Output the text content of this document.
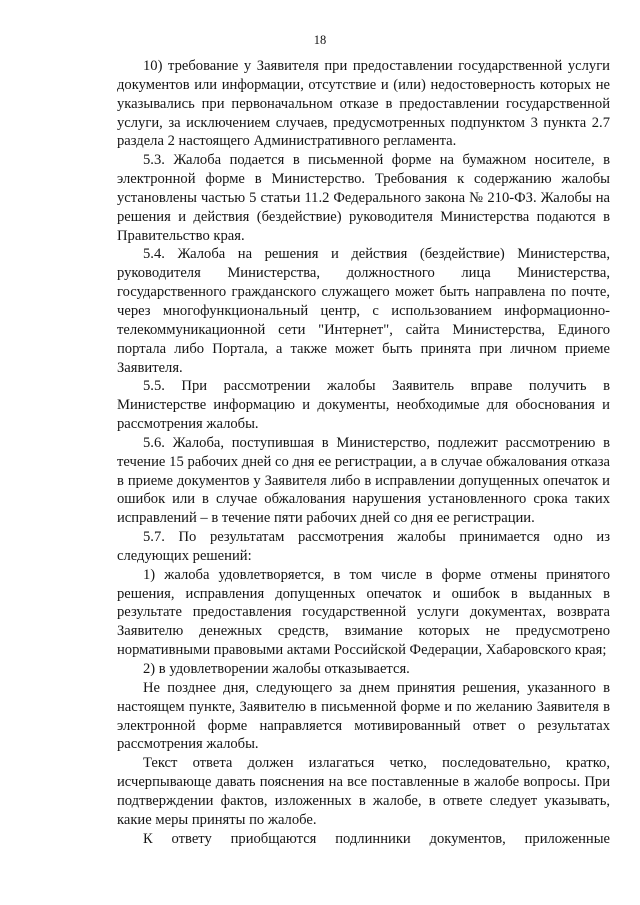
18

10) требование у Заявителя при предоставлении государственной услуги документов или информации, отсутствие и (или) недостоверность которых не указывались при первоначальном отказе в предоставлении государственной услуги, за исключением случаев, предусмотренных подпунктом 3 пункта 2.7 раздела 2 настоящего Административного регламента.

5.3. Жалоба подается в письменной форме на бумажном носителе, в электронной форме в Министерство. Требования к содержанию жалобы установлены частью 5 статьи 11.2 Федерального закона № 210-ФЗ. Жалобы на решения и действия (бездействие) руководителя Министерства подаются в Правительство края.

5.4. Жалоба на решения и действия (бездействие) Министерства, руководителя Министерства, должностного лица Министерства, государственного гражданского служащего может быть направлена по почте, через многофункциональный центр, с использованием информационно-телекоммуникационной сети "Интернет", сайта Министерства, Единого портала либо Портала, а также может быть принята при личном приеме Заявителя.

5.5. При рассмотрении жалобы Заявитель вправе получить в Министерстве информацию и документы, необходимые для обоснования и рассмотрения жалобы.

5.6. Жалоба, поступившая в Министерство, подлежит рассмотрению в течение 15 рабочих дней со дня ее регистрации, а в случае обжалования отказа в приеме документов у Заявителя либо в исправлении допущенных опечаток и ошибок или в случае обжалования нарушения установленного срока таких исправлений – в течение пяти рабочих дней со дня ее регистрации.

5.7. По результатам рассмотрения жалобы принимается одно из следующих решений:

1) жалоба удовлетворяется, в том числе в форме отмены принятого решения, исправления допущенных опечаток и ошибок в выданных в результате предоставления государственной услуги документах, возврата Заявителю денежных средств, взимание которых не предусмотрено нормативными правовыми актами Российской Федерации, Хабаровского края;

2) в удовлетворении жалобы отказывается.

Не позднее дня, следующего за днем принятия решения, указанного в настоящем пункте, Заявителю в письменной форме и по желанию Заявителя в электронной форме направляется мотивированный ответ о результатах рассмотрения жалобы.

Текст ответа должен излагаться четко, последовательно, кратко, исчерпывающе давать пояснения на все поставленные в жалобе вопросы. При подтверждении фактов, изложенных в жалобе, в ответе следует указывать, какие меры приняты по жалобе.

К ответу приобщаются подлинники документов, приложенные
